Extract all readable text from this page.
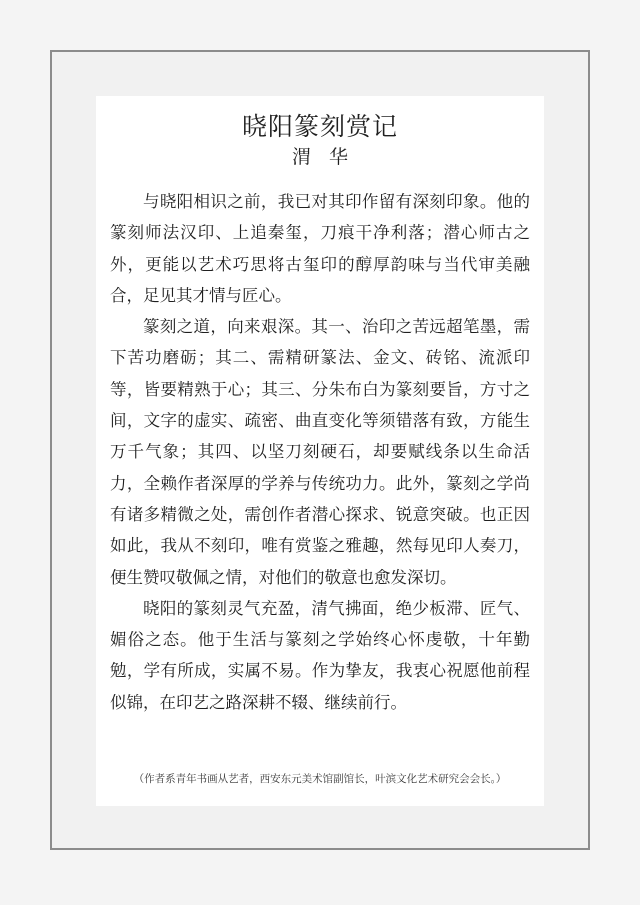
晓阳篆刻赏记
渭 华

与晓阳相识之前，我已对其印作留有深刻印象。他的篆刻师法汉印、上追秦玺，刀痕干净利落；潜心师古之外，更能以艺术巧思将古玺印的醇厚韵味与当代审美融合，足见其才情与匠心。

篆刻之道，向来艰深。其一、治印之苦远超笔墨，需下苦功磨砺；其二、需精研篆法、金文、砖铭、流派印等，皆要精熟于心；其三、分朱布白为篆刻要旨，方寸之间，文字的虚实、疏密、曲直变化等须错落有致，方能生万千气象；其四、以坚刀刻硬石，却要赋线条以生命活力，全赖作者深厚的学养与传统功力。此外，篆刻之学尚有诸多精微之处，需创作者潜心探求、锐意突破。也正因如此，我从不刻印，唯有赏鉴之雅趣，然每见印人奏刀，便生赞叹敬佩之情，对他们的敬意也愈发深切。

晓阳的篆刻灵气充盈，清气拂面，绝少板滞、匠气、媚俗之态。他于生活与篆刻之学始终心怀虔敬，十年勤勉，学有所成，实属不易。作为挚友，我衷心祝愿他前程似锦，在印艺之路深耕不辍、继续前行。

（作者系青年书画从艺者，西安东元美术馆副馆长，叶滨文化艺术研究会会长。）
